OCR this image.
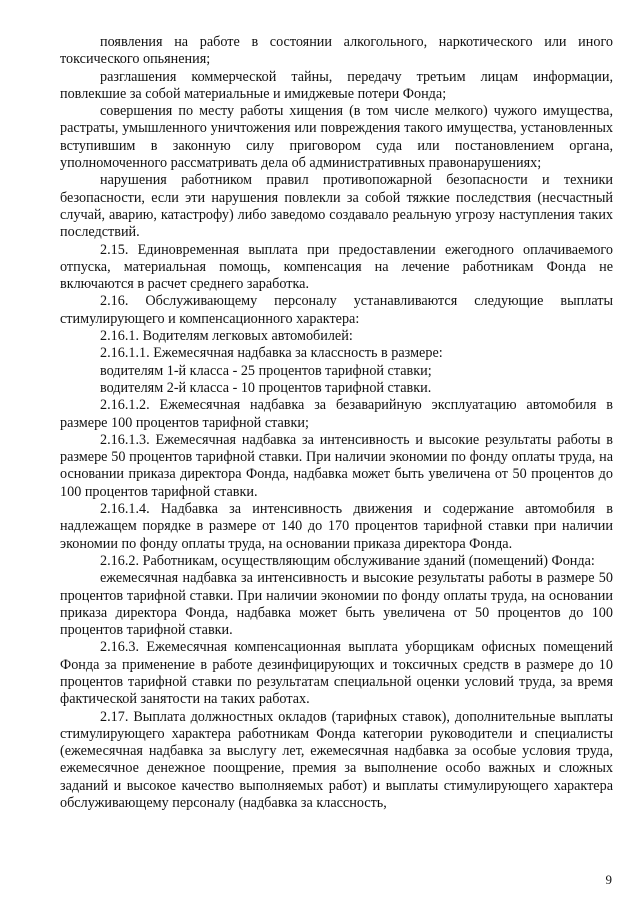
появления на работе в состоянии алкогольного, наркотического или иного токсического опьянения;

разглашения коммерческой тайны, передачу третьим лицам информации, повлекшие за собой материальные и имиджевые потери Фонда;

совершения по месту работы хищения (в том числе мелкого) чужого имущества, растраты, умышленного уничтожения или повреждения такого имущества, установленных вступившим в законную силу приговором суда или постановлением органа, уполномоченного рассматривать дела об административных правонарушениях;

нарушения работником правил противопожарной безопасности и техники безопасности, если эти нарушения повлекли за собой тяжкие последствия (несчастный случай, аварию, катастрофу) либо заведомо создавало реальную угрозу наступления таких последствий.

2.15. Единовременная выплата при предоставлении ежегодного оплачиваемого отпуска, материальная помощь, компенсация на лечение работникам Фонда не включаются в расчет среднего заработка.

2.16. Обслуживающему персоналу устанавливаются следующие выплаты стимулирующего и компенсационного характера:

2.16.1. Водителям легковых автомобилей:

2.16.1.1. Ежемесячная надбавка за классность в размере:

водителям 1-й класса - 25 процентов тарифной ставки;

водителям 2-й класса - 10 процентов тарифной ставки.

2.16.1.2. Ежемесячная надбавка за безаварийную эксплуатацию автомобиля в размере 100 процентов тарифной ставки;

2.16.1.3. Ежемесячная надбавка за интенсивность и высокие результаты работы в размере 50 процентов тарифной ставки. При наличии экономии по фонду оплаты труда, на основании приказа директора Фонда, надбавка может быть увеличена от 50 процентов до 100 процентов тарифной ставки.

2.16.1.4. Надбавка за интенсивность движения и содержание автомобиля в надлежащем порядке в размере от 140 до 170 процентов тарифной ставки при наличии экономии по фонду оплаты труда, на основании приказа директора Фонда.

2.16.2. Работникам, осуществляющим обслуживание зданий (помещений) Фонда:

ежемесячная надбавка за интенсивность и высокие результаты работы в размере 50 процентов тарифной ставки. При наличии экономии по фонду оплаты труда, на основании приказа директора Фонда, надбавка может быть увеличена от 50 процентов до 100 процентов тарифной ставки.

2.16.3. Ежемесячная компенсационная выплата уборщикам офисных помещений Фонда за применение в работе дезинфицирующих и токсичных средств в размере до 10 процентов тарифной ставки по результатам специальной оценки условий труда, за время фактической занятости на таких работах.

2.17. Выплата должностных окладов (тарифных ставок), дополнительные выплаты стимулирующего характера работникам Фонда категории руководители и специалисты (ежемесячная надбавка за выслугу лет, ежемесячная надбавка за особые условия труда, ежемесячное денежное поощрение, премия за выполнение особо важных и сложных заданий и высокое качество выполняемых работ) и выплаты стимулирующего характера обслуживающему персоналу (надбавка за классность,

9
